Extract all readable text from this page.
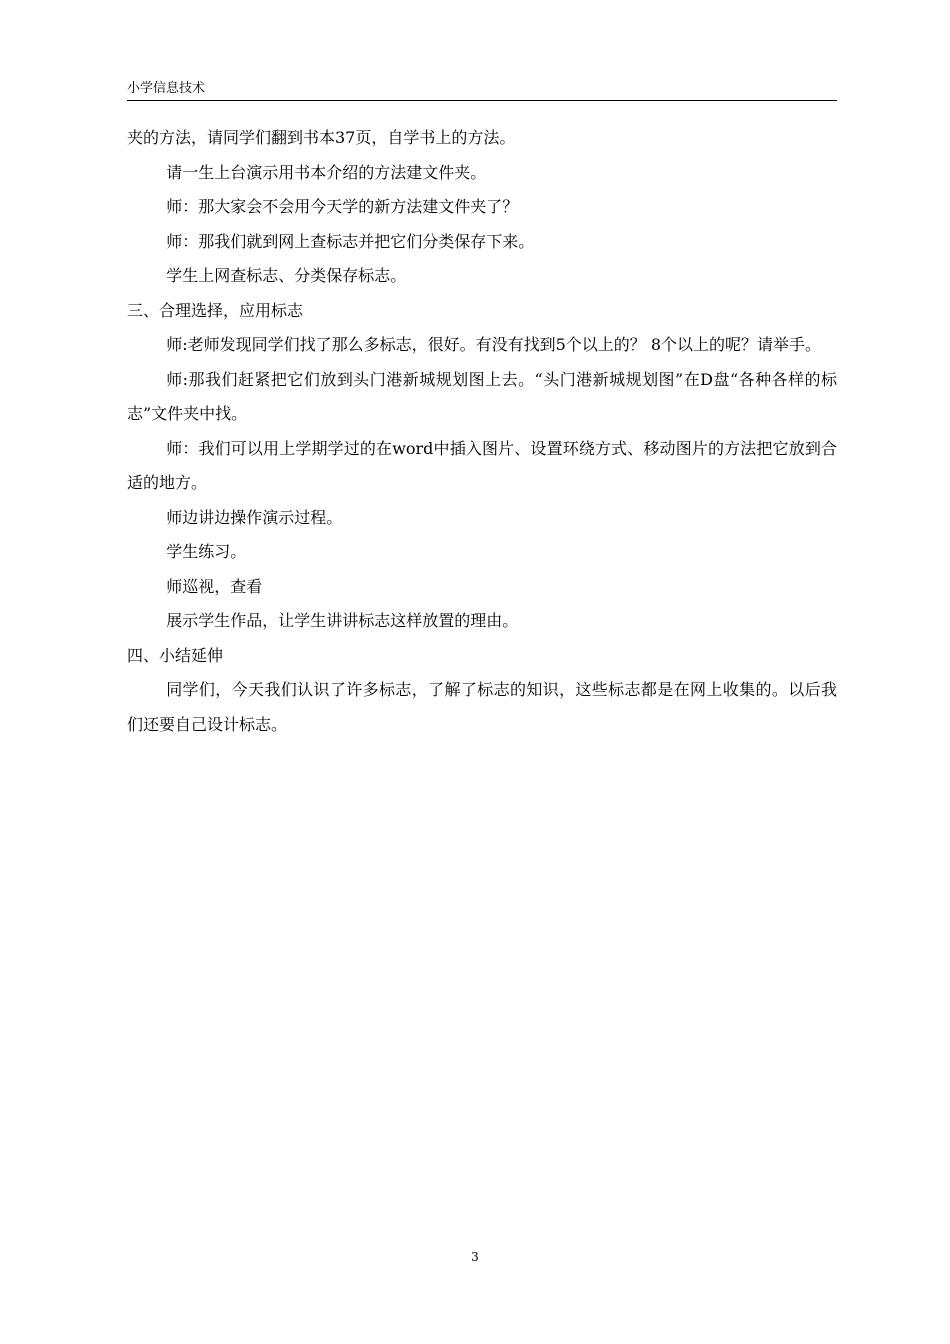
小学信息技术

夹的方法，请同学们翻到书本37页，自学书上的方法。

请一生上台演示用书本介绍的方法建文件夹。

师：那大家会不会用今天学的新方法建文件夹了？

师：那我们就到网上查标志并把它们分类保存下来。

学生上网查标志、分类保存标志。

三、合理选择，应用标志

师:老师发现同学们找了那么多标志，很好。有没有找到5个以上的？ 8个以上的呢？请举手。

师:那我们赶紧把它们放到头门港新城规划图上去。“头门港新城规划图”在D盘“各种各样的标志”文件夹中找。

师：我们可以用上学期学过的在word中插入图片、设置环绕方式、移动图片的方法把它放到合适的地方。

师边讲边操作演示过程。

学生练习。

师巡视，查看

展示学生作品，让学生讲讲标志这样放置的理由。

四、小结延伸

同学们，今天我们认识了许多标志，了解了标志的知识，这些标志都是在网上收集的。以后我们还要自己设计标志。

3
